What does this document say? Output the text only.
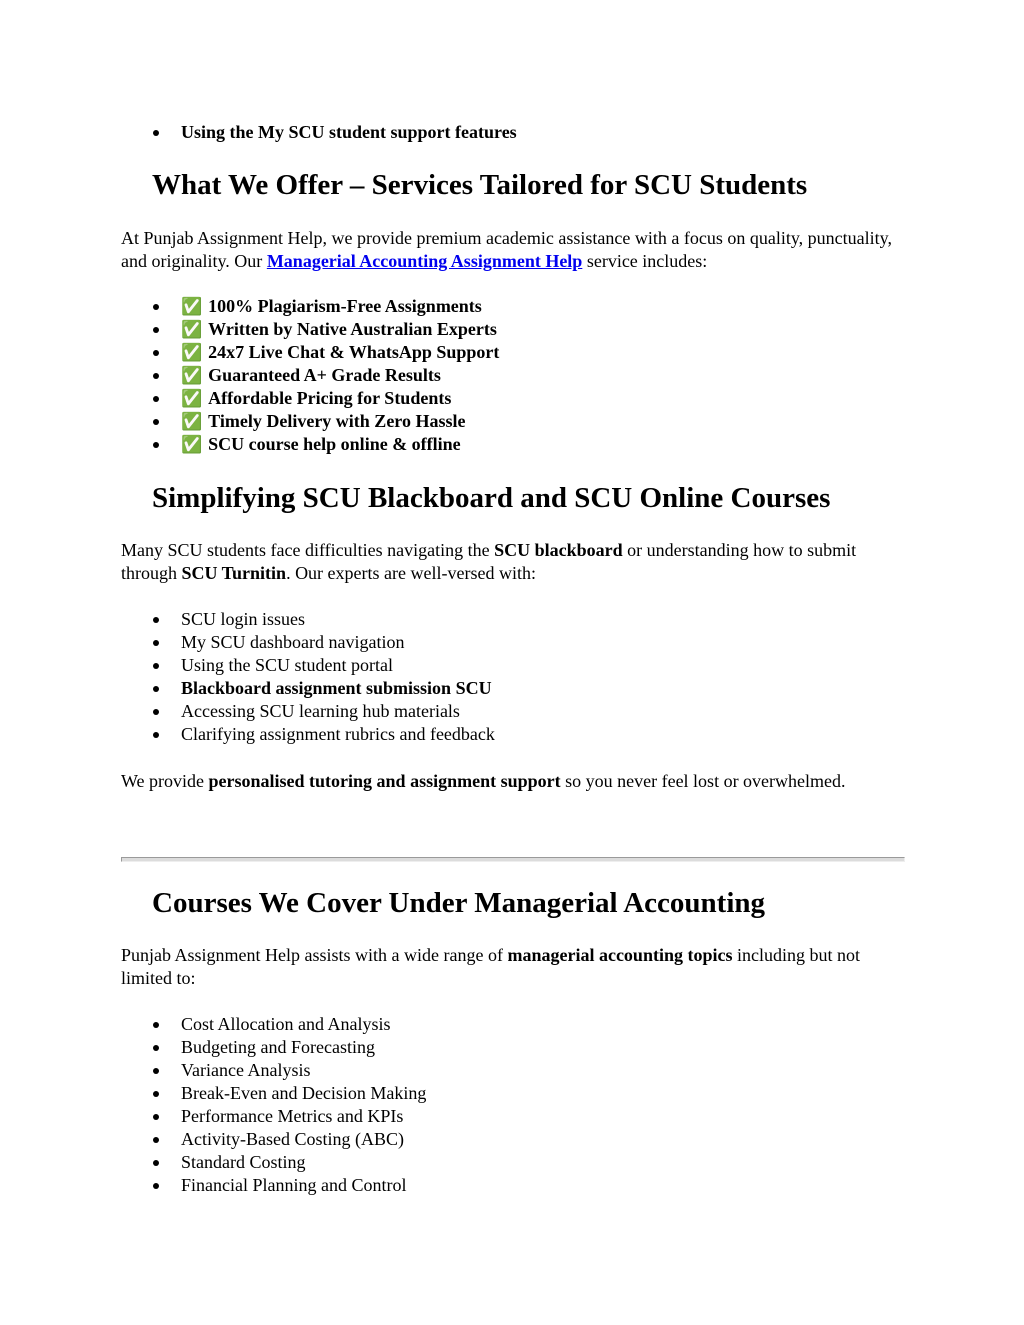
Using the My SCU student support features
What We Offer – Services Tailored for SCU Students

At Punjab Assignment Help, we provide premium academic assistance with a focus on quality, punctuality, and originality. Our Managerial Accounting Assignment Help service includes:

✅ 100% Plagiarism-Free Assignments
✅ Written by Native Australian Experts
✅ 24x7 Live Chat & WhatsApp Support
✅ Guaranteed A+ Grade Results
✅ Affordable Pricing for Students
✅ Timely Delivery with Zero Hassle
✅ SCU course help online & offline
Simplifying SCU Blackboard and SCU Online Courses

Many SCU students face difficulties navigating the SCU blackboard or understanding how to submit through SCU Turnitin. Our experts are well-versed with:

SCU login issues
My SCU dashboard navigation
Using the SCU student portal
Blackboard assignment submission SCU
Accessing SCU learning hub materials
Clarifying assignment rubrics and feedback

We provide personalised tutoring and assignment support so you never feel lost or overwhelmed.

Courses We Cover Under Managerial Accounting

Punjab Assignment Help assists with a wide range of managerial accounting topics including but not limited to:

Cost Allocation and Analysis
Budgeting and Forecasting
Variance Analysis
Break-Even and Decision Making
Performance Metrics and KPIs
Activity-Based Costing (ABC)
Standard Costing
Financial Planning and Control
